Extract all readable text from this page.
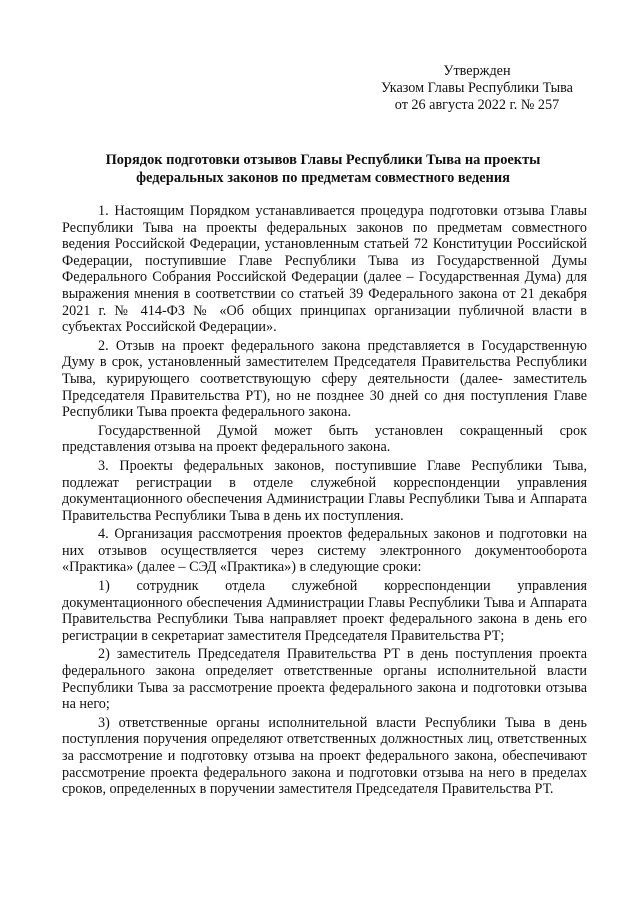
Утвержден
Указом Главы Республики Тыва
от 26 августа 2022 г. № 257
Порядок подготовки отзывов Главы Республики Тыва на проекты
федеральных законов по предметам совместного ведения

1. Настоящим Порядком устанавливается процедура подготовки отзыва Главы Республики Тыва на проекты федеральных законов по предметам совместного ведения Российской Федерации, установленным статьей 72 Конституции Российской Федерации, поступившие Главе Республики Тыва из Государственной Думы Федерального Собрания Российской Федерации (далее – Государственная Дума) для выражения мнения в соответствии со статьей 39 Федерального закона от 21 декабря 2021 г. № 414-ФЗ № «Об общих принципах организации публичной власти в субъектах Российской Федерации».

2. Отзыв на проект федерального закона представляется в Государственную Думу в срок, установленный заместителем Председателя Правительства Республики Тыва, курирующего соответствующую сферу деятельности (далее- заместитель Председателя Правительства РТ), но не позднее 30 дней со дня поступления Главе Республики Тыва проекта федерального закона.

Государственной Думой может быть установлен сокращенный срок представления отзыва на проект федерального закона.

3. Проекты федеральных законов, поступившие Главе Республики Тыва, подлежат регистрации в отделе служебной корреспонденции управления документационного обеспечения Администрации Главы Республики Тыва и Аппарата Правительства Республики Тыва в день их поступления.

4. Организация рассмотрения проектов федеральных законов и подготовки на них отзывов осуществляется через систему электронного документооборота «Практика» (далее – СЭД «Практика») в следующие сроки:

1) сотрудник отдела служебной корреспонденции управления документационного обеспечения Администрации Главы Республики Тыва и Аппарата Правительства Республики Тыва направляет проект федерального закона в день его регистрации в секретариат заместителя Председателя Правительства РТ;

2) заместитель Председателя Правительства РТ в день поступления проекта федерального закона определяет ответственные органы исполнительной власти Республики Тыва за рассмотрение проекта федерального закона и подготовки отзыва на него;

3) ответственные органы исполнительной власти Республики Тыва в день поступления поручения определяют ответственных должностных лиц, ответственных за рассмотрение и подготовку отзыва на проект федерального закона, обеспечивают рассмотрение проекта федерального закона и подготовки отзыва на него в пределах сроков, определенных в поручении заместителя Председателя Правительства РТ.
